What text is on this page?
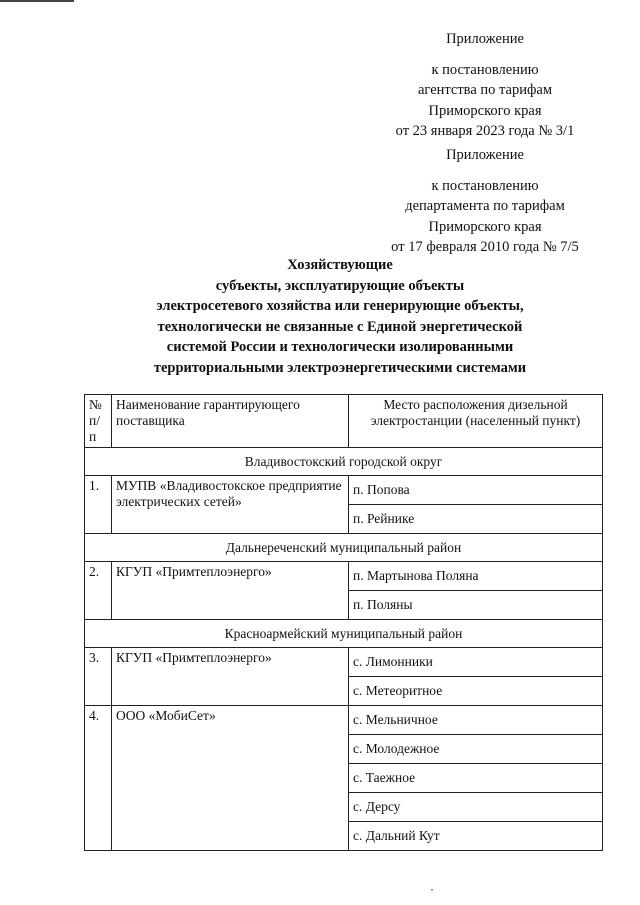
Приложение
к постановлению
агентства по тарифам
Приморского края
от 23 января 2023 года № 3/1
Приложение
к постановлению
департамента по тарифам
Приморского края
от 17 февраля 2010 года № 7/5
Хозяйствующие
субъекты, эксплуатирующие объекты
электросетевого хозяйства или генерирующие объекты,
технологически не связанные с Единой энергетической
системой России и технологически изолированными
территориальными электроэнергетическими системами
№ п/п	Наименование гарантирующего поставщика	Место расположения дизельной электростанции (населенный пункт)
Владивостокский городской округ		
1.	МУПВ «Владивостокское предприятие электрических сетей»	п. Попова
		п. Рейнике
Дальнереченский муниципальный район		
2.	КГУП «Примтеплоэнерго»	п. Мартынова Поляна
		п. Поляны
Красноармейский муниципальный район		
3.	КГУП «Примтеплоэнерго»	с. Лимонники
		с. Метеоритное
4.	ООО «МобиСет»	с. Мельничное
		с. Молодежное
		с. Таежное
		с. Дерсу
		с. Дальний Кут
